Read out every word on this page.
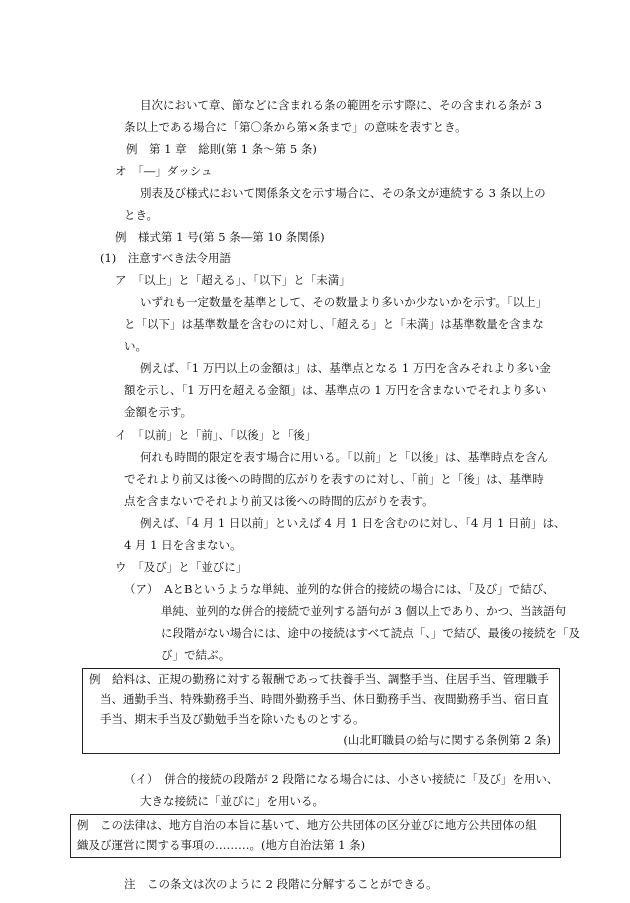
目次において章、節などに含まれる条の範囲を示す際に、その含まれる条が 3
条以上である場合に「第〇条から第×条まで」の意味を表すとき。
例　第 1 章　総則(第 1 条～第 5 条)
オ　「―」ダッシュ
別表及び様式において関係条文を示す場合に、その条文が連続する 3 条以上の
とき。
例　様式第 1 号(第 5 条―第 10 条関係)
(1)　注意すべき法令用語
ア　「以上」と「超える」、「以下」と「未満」
いずれも一定数量を基準として、その数量より多いか少ないかを示す。「以上」
と「以下」は基準数量を含むのに対し、「超える」と「未満」は基準数量を含まな
い。
例えば、「1 万円以上の金額は」は、基準点となる 1 万円を含みそれより多い金
額を示し、「1 万円を超える金額」は、基準点の 1 万円を含まないでそれより多い
金額を示す。
イ　「以前」と「前」、「以後」と「後」
何れも時間的限定を表す場合に用いる。「以前」と「以後」は、基準時点を含ん
でそれより前又は後への時間的広がりを表すのに対し、「前」と「後」は、基準時
点を含まないでそれより前又は後への時間的広がりを表す。
例えば、「4 月 1 日以前」といえば 4 月 1 日を含むのに対し、「4 月 1 日前」は、
4 月 1 日を含まない。
ウ　「及び」と「並びに」
（ア）　AとBというような単純、並列的な併合的接続の場合には、「及び」で結び、
単純、並列的な併合的接続で並列する語句が 3 個以上であり、かつ、当該語句
に段階がない場合には、途中の接続はすべて読点「、」で結び、最後の接続を「及
び」で結ぶ。
例　給料は、正規の勤務に対する報酬であって扶養手当、調整手当、住居手当、管理職手
当、通勤手当、特殊勤務手当、時間外勤務手当、休日勤務手当、夜間勤務手当、宿日直
手当、期末手当及び勤勉手当を除いたものとする。
(山北町職員の給与に関する条例第 2 条)
（イ）　併合的接続の段階が 2 段階になる場合には、小さい接続に「及び」を用い、
大きな接続に「並びに」を用いる。
例　この法律は、地方自治の本旨に基いて、地方公共団体の区分並びに地方公共団体の組
織及び運営に関する事項の………。(地方自治法第 1 条)
注　この条文は次のように 2 段階に分解することができる。
